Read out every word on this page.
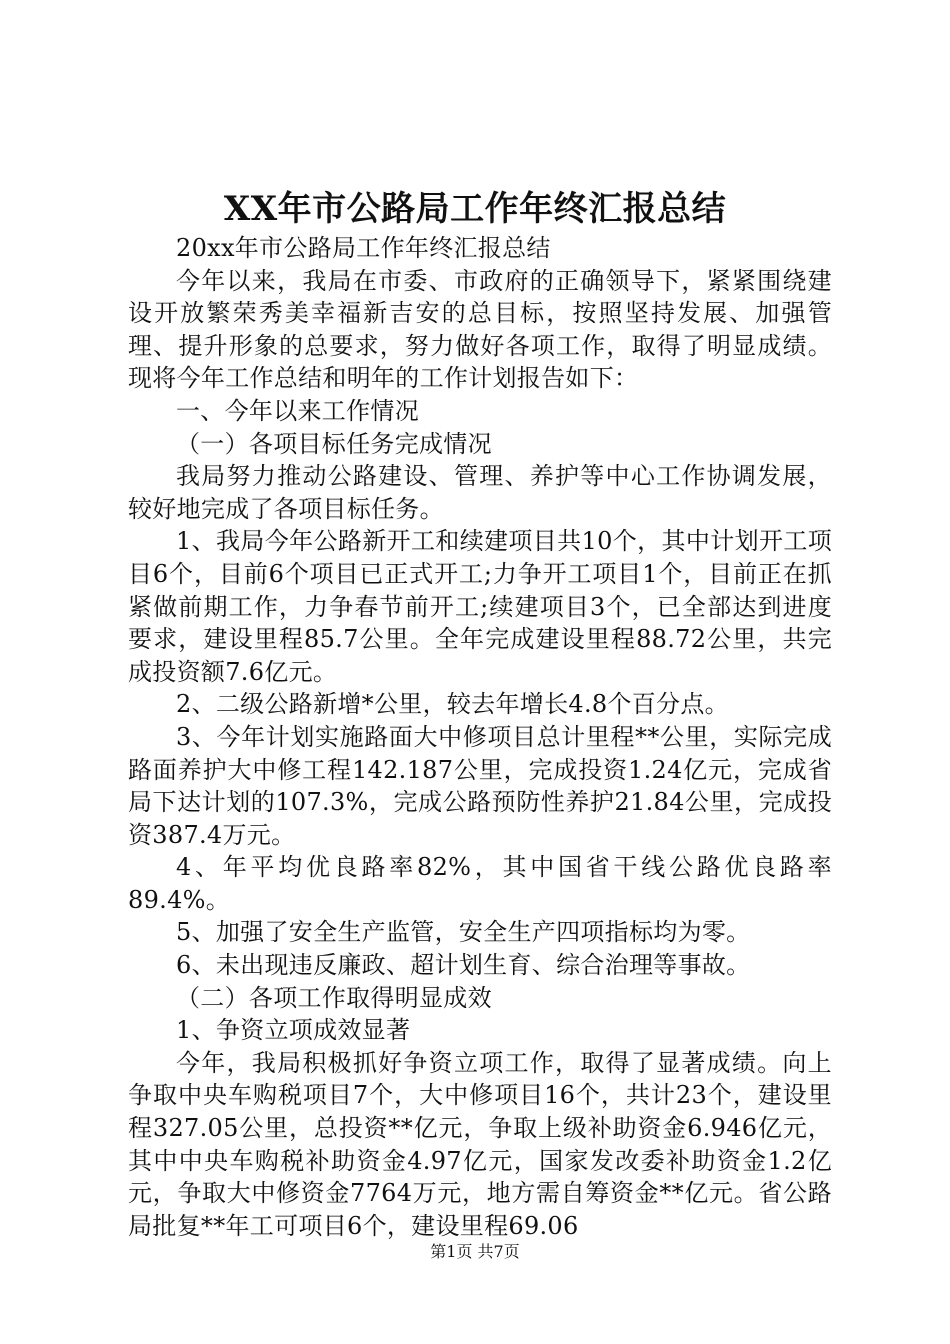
XX年市公路局工作年终汇报总结

20xx年市公路局工作年终汇报总结

今年以来，我局在市委、市政府的正确领导下，紧紧围绕建设开放繁荣秀美幸福新吉安的总目标，按照坚持发展、加强管理、提升形象的总要求，努力做好各项工作，取得了明显成绩。现将今年工作总结和明年的工作计划报告如下：

一、今年以来工作情况

（一）各项目标任务完成情况

我局努力推动公路建设、管理、养护等中心工作协调发展，较好地完成了各项目标任务。

1、我局今年公路新开工和续建项目共10个，其中计划开工项目6个，目前6个项目已正式开工;力争开工项目1个，目前正在抓紧做前期工作，力争春节前开工;续建项目3个，已全部达到进度要求，建设里程85.7公里。全年完成建设里程88.72公里，共完成投资额7.6亿元。

2、二级公路新增*公里，较去年增长4.8个百分点。

3、今年计划实施路面大中修项目总计里程**公里，实际完成路面养护大中修工程142.187公里，完成投资1.24亿元，完成省局下达计划的107.3%，完成公路预防性养护21.84公里，完成投资387.4万元。

4、年平均优良路率82%，其中国省干线公路优良路率89.4%。

5、加强了安全生产监管，安全生产四项指标均为零。

6、未出现违反廉政、超计划生育、综合治理等事故。

（二）各项工作取得明显成效

1、争资立项成效显著

今年，我局积极抓好争资立项工作，取得了显著成绩。向上争取中央车购税项目7个，大中修项目16个，共计23个，建设里程327.05公里，总投资**亿元，争取上级补助资金6.946亿元，其中中央车购税补助资金4.97亿元，国家发改委补助资金1.2亿元，争取大中修资金7764万元，地方需自筹资金**亿元。省公路局批复**年工可项目6个，建设里程69.06

第1页 共7页
